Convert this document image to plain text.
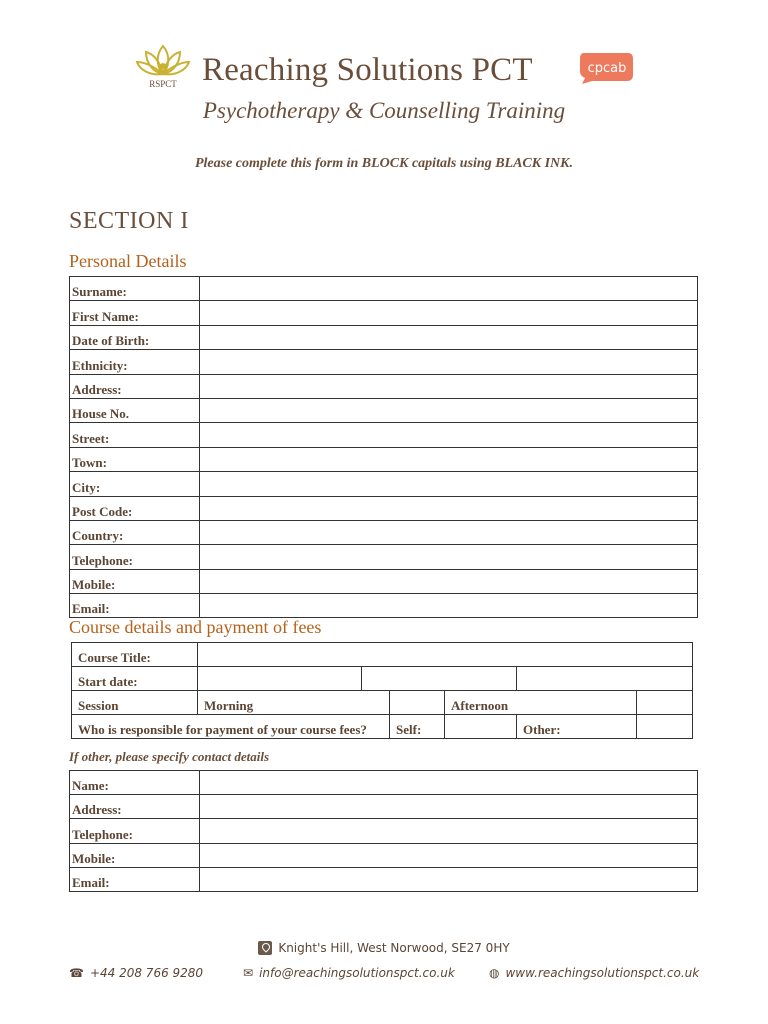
RSPCT Reaching Solutions PCT	cpcab
Psychotherapy & Counselling Training
Please complete this form in BLOCK capitals using BLACK INK.
SECTION I
Personal Details
Surname:	
First Name:	
Date of Birth:	
Ethnicity:	
Address:	
House No.	
Street:	
Town:	
City:	
Post Code:	
Country:	
Telephone:	
Mobile:	
Email:	
Course details and payment of fees
Course Title:						
Start date:						
Session	Morning			Afternoon		
Who is responsible for payment of your course fees?			Self:		Other:	
If other, please specify contact details
Name:	
Address:	
Telephone:	
Mobile:	
Email:	
Knight's Hill, West Norwood, SE27 0HY
☎ +44 208 766 9280	✉ info@reachingsolutionspct.co.uk	◍ www.reachingsolutionspct.co.uk
